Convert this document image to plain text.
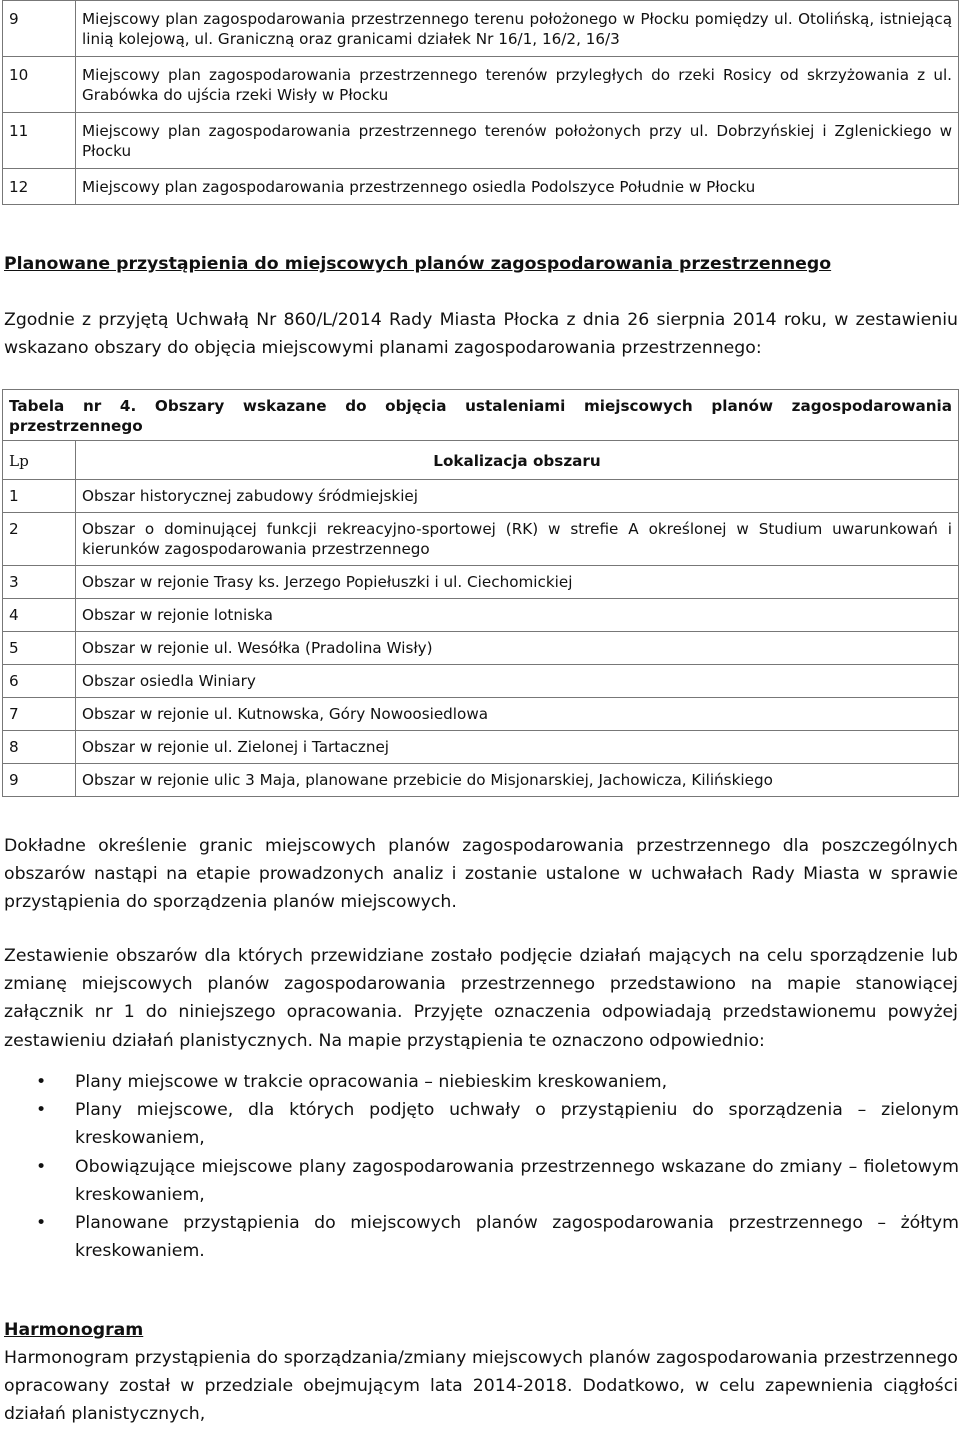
9	Miejscowy plan zagospodarowania przestrzennego terenu położonego w Płocku pomiędzy ul. Otolińską, istniejącą linią kolejową, ul. Graniczną oraz granicami działek Nr 16/1, 16/2, 16/3
10	Miejscowy plan zagospodarowania przestrzennego terenów przyległych do rzeki Rosicy od skrzyżowania z ul. Grabówka do ujścia rzeki Wisły w Płocku
11	Miejscowy plan zagospodarowania przestrzennego terenów położonych przy ul. Dobrzyńskiej i Zglenickiego w Płocku
12	Miejscowy plan zagospodarowania przestrzennego osiedla Podolszyce Południe w Płocku
Planowane przystąpienia do miejscowych planów zagospodarowania przestrzennego
Zgodnie z przyjętą Uchwałą Nr 860/L/2014 Rady Miasta Płocka z dnia 26 sierpnia 2014 roku, w zestawieniu wskazano obszary do objęcia miejscowymi planami zagospodarowania przestrzennego:
Tabela nr 4. Obszary wskazane do objęcia ustaleniami miejscowych planów zagospodarowania przestrzennego	
Lp	Lokalizacja obszaru
1	Obszar historycznej zabudowy śródmiejskiej
2	Obszar o dominującej funkcji rekreacyjno-sportowej (RK) w strefie A określonej w Studium uwarunkowań i kierunków zagospodarowania przestrzennego
3	Obszar w rejonie Trasy ks. Jerzego Popiełuszki i ul. Ciechomickiej
4	Obszar w rejonie lotniska
5	Obszar w rejonie ul. Wesółka (Pradolina Wisły)
6	Obszar osiedla Winiary
7	Obszar w rejonie ul. Kutnowska, Góry Nowoosiedlowa
8	Obszar w rejonie ul. Zielonej i Tartacznej
9	Obszar w rejonie ulic 3 Maja, planowane przebicie do Misjonarskiej, Jachowicza, Kilińskiego
Dokładne określenie granic miejscowych planów zagospodarowania przestrzennego dla poszczególnych obszarów nastąpi na etapie prowadzonych analiz i zostanie ustalone w uchwałach Rady Miasta w sprawie przystąpienia do sporządzenia planów miejscowych.
Zestawienie obszarów dla których przewidziane zostało podjęcie działań mających na celu sporządzenie lub zmianę miejscowych planów zagospodarowania przestrzennego przedstawiono na mapie stanowiącej załącznik nr 1 do niniejszego opracowania. Przyjęte oznaczenia odpowiadają przedstawionemu powyżej zestawieniu działań planistycznych. Na mapie przystąpienia te oznaczono odpowiednio:
• Plany miejscowe w trakcie opracowania – niebieskim kreskowaniem,
• Plany miejscowe, dla których podjęto uchwały o przystąpieniu do sporządzenia – zielonym kreskowaniem,
• Obowiązujące miejscowe plany zagospodarowania przestrzennego wskazane do zmiany – fioletowym kreskowaniem,
• Planowane przystąpienia do miejscowych planów zagospodarowania przestrzennego – żółtym kreskowaniem.
Harmonogram
Harmonogram przystąpienia do sporządzania/zmiany miejscowych planów zagospodarowania przestrzennego opracowany został w przedziale obejmującym lata 2014-2018. Dodatkowo, w celu zapewnienia ciągłości działań planistycznych,
